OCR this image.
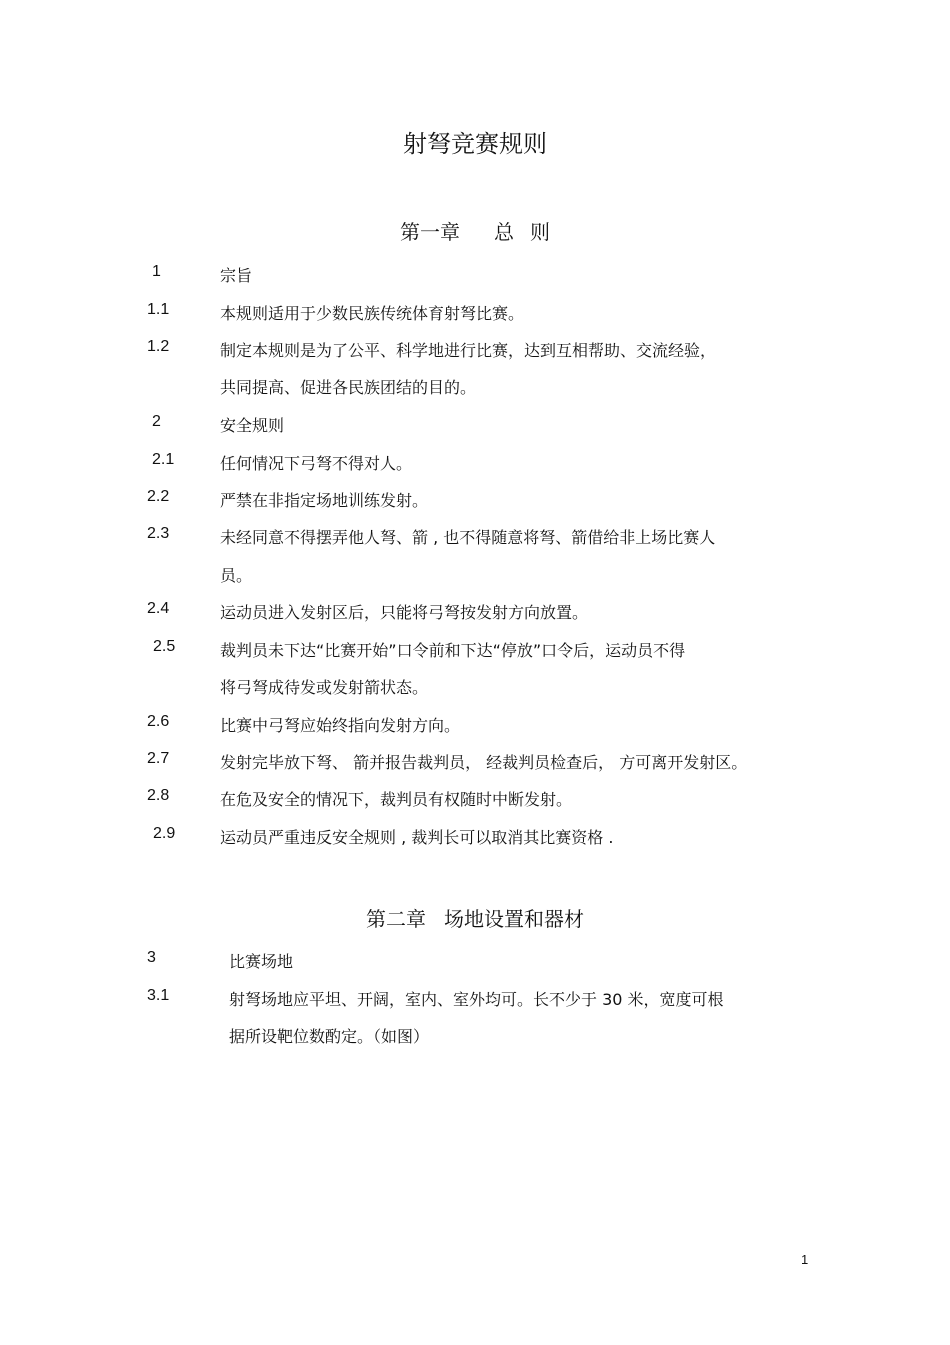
射弩竞赛规则
第一章 总 则
1	宗旨
1.1	本规则适用于少数民族传统体育射弩比赛。
1.2	制定本规则是为了公平、科学地进行比赛，达到互相帮助、交流经验，
共同提高、促进各民族团结的目的。
2	安全规则
2.1	任何情况下弓弩不得对人。
2.2	严禁在非指定场地训练发射。
2.3	未经同意不得摆弄他人弩、箭 , 也不得随意将弩、箭借给非上场比赛人
员。
2.4	运动员进入发射区后，只能将弓弩按发射方向放置。
2.5	裁判员未下达“比赛开始”口令前和下达“停放”口令后，运动员不得
将弓弩成待发或发射箭状态。
2.6	比赛中弓弩应始终指向发射方向。
2.7	发射完毕放下弩、 箭并报告裁判员， 经裁判员检查后， 方可离开发射区。
2.8	在危及安全的情况下，裁判员有权随时中断发射。
2.9	运动员严重违反安全规则 , 裁判长可以取消其比赛资格 .
第二章 场地设置和器材
3	比赛场地
3.1	射弩场地应平坦、开阔，室内、室外均可。长不少于 30 米，宽度可根
据所设靶位数酌定。（如图）
1
